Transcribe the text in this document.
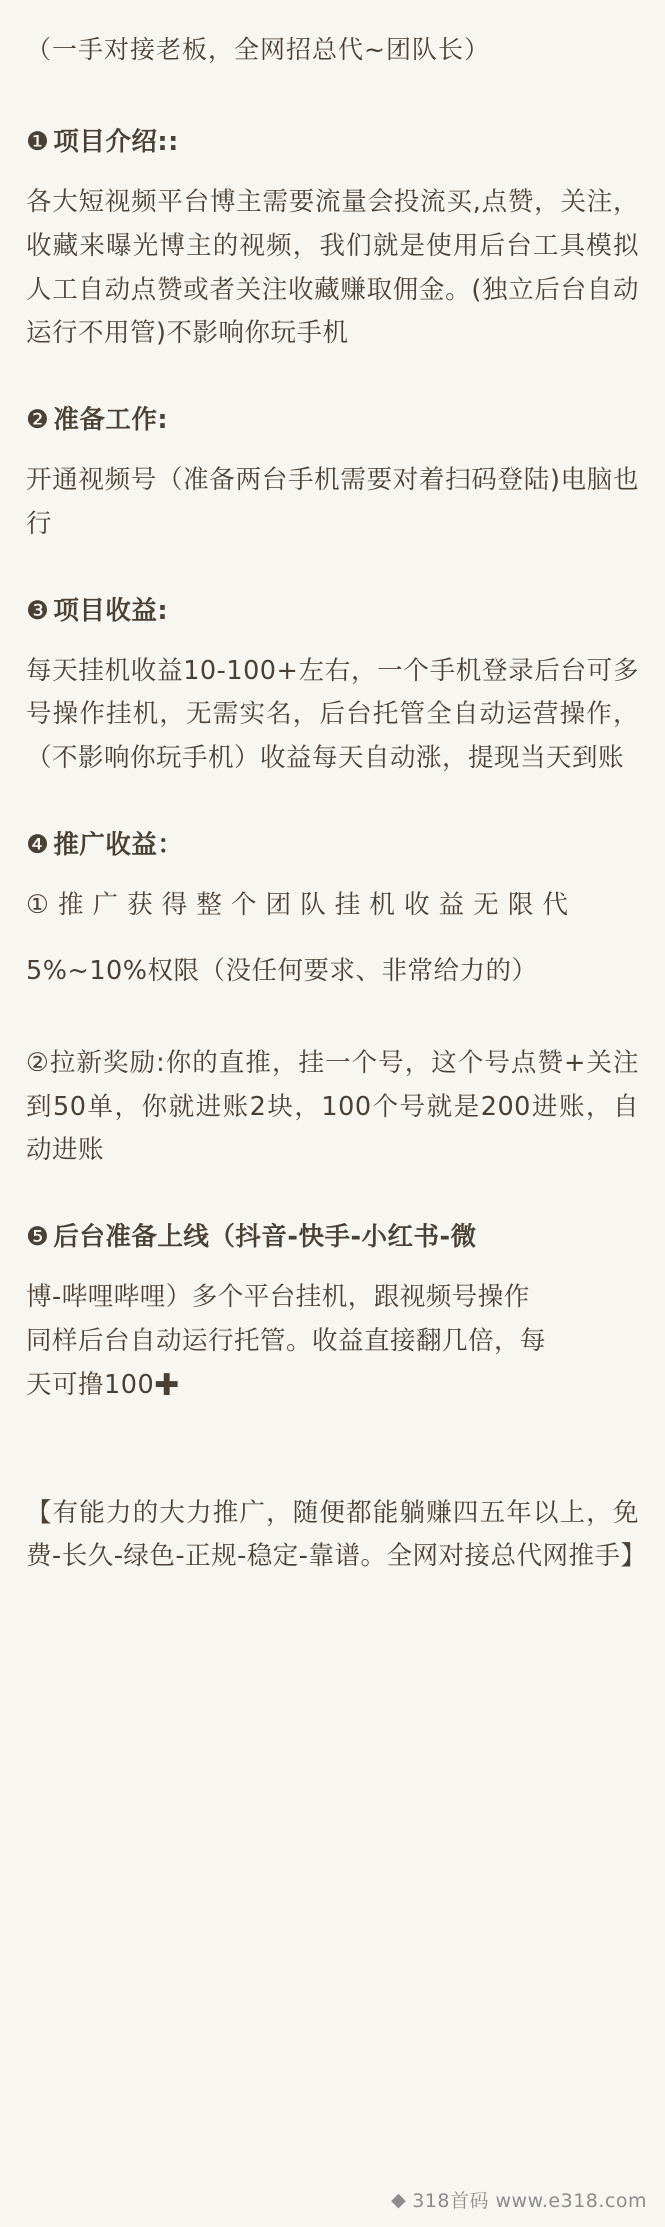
（一手对接老板，全网招总代~团队长）
❶ 项目介绍::

各大短视频平台博主需要流量会投流买,点赞，关注，收藏来曝光博主的视频，我们就是使用后台工具模拟人工自动点赞或者关注收藏赚取佣金。(独立后台自动运行不用管)不影响你玩手机

❷ 准备工作:

开通视频号（准备两台手机需要对着扫码登陆)电脑也行

❸ 项目收益:

每天挂机收益10-100+左右，一个手机登录后台可多号操作挂机，无需实名，后台托管全自动运营操作，（不影响你玩手机）收益每天自动涨，提现当天到账

❹ 推广收益：

① 推 广 获 得 整 个 团 队 挂 机 收 益 无 限 代

5%~10%权限（没任何要求、非常给力的）

②拉新奖励:你的直推，挂一个号，这个号点赞+关注到50单，你就进账2块，100个号就是200进账，自动进账

❺ 后台准备上线（抖音-快手-小红书-微

博-哔哩哔哩）多个平台挂机，跟视频号操作

同样后台自动运行托管。收益直接翻几倍，每

天可撸100✚

【有能力的大力推广，随便都能躺赚四五年以上，免费-长久-绿色-正规-稳定-靠谱。全网对接总代网推手】

◆ 318首码 www.e318.com
